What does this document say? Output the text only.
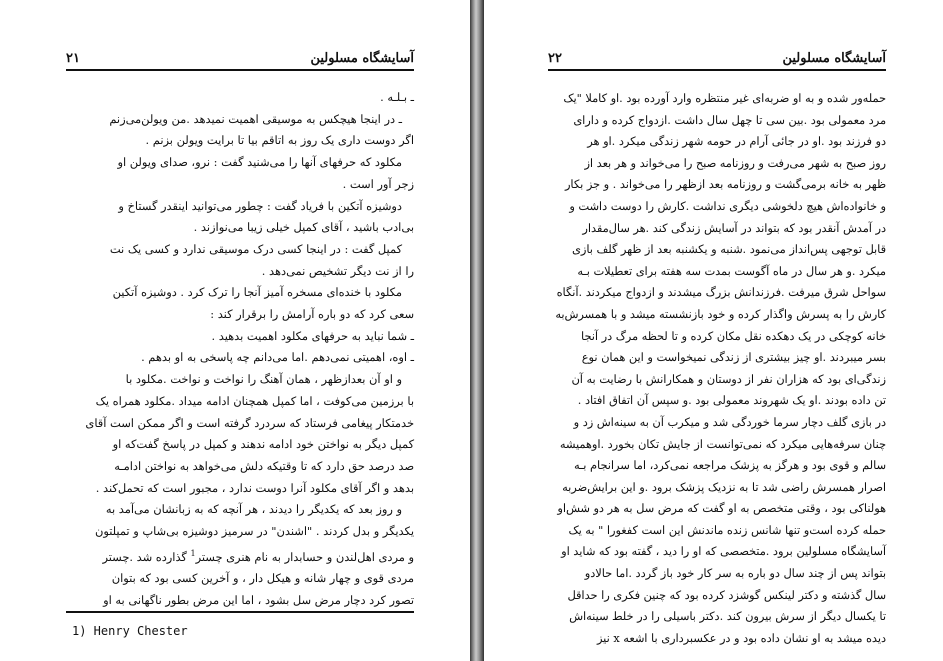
آسایشگاه مسلولین
۲۱

ـ بـلـه .

ـ در اینجا هیچکس به موسیقی اهمیت نمیدهد .من ویولن‌می‌زنم

اگر دوست داری یک روز به اتاقم بیا تا برایت ویولن بزنم .

مکلود که حرفهای آنها را می‌شنید گفت : نرو، صدای ویولن او

زجر آور است .

دوشیزه آتکین با فریاد گفت : چطور می‌توانید اینقدر گستاخ و

بی‌ادب باشید ، آقای کمپل خیلی زیبا می‌نوازند .

کمپل گفت : در اینجا کسی درک موسیقی ندارد و کسی یک نت

را از نت دیگر تشخیص نمی‌دهد .

مکلود با خنده‌ای مسخره آمیز آنجا را ترک کرد . دوشیزه آتکین

سعی کرد که دو باره آرامش را برقرار کند :

ـ شما نباید به حرفهای مکلود اهمیت بدهید .

ـ اوه، اهمیتی نمی‌دهم .اما می‌دانم چه پاسخی به او بدهم .

و او آن بعدازظهر ، همان آهنگ را نواخت و نواخت .مکلود با

با برزمین می‌کوفت ، اما کمپل همچنان ادامه میداد .مکلود همراه یک

خدمتکار پیغامی فرستاد که سردرد گرفته است و اگر ممکن است آقای

کمپل دیگر به نواختن خود ادامه ندهند و کمپل در پاسخ گفت‌که او

صد درصد حق دارد که تا وقتیکه دلش می‌خواهد به نواختن ادامـه

بدهد و اگر آقای مکلود آنرا دوست ندارد ، مجبور است که تحمل‌کند .

و روز بعد که یکدیگر را دیدند ، هر آنچه که به زبانشان می‌آمد به

یکدیگر و بدل کردند . "اشندن" در سرمیز دوشیزه بی‌شاپ و تمپلتون

و مردی اهل‌لندن و حسابدار به نام هنری چستر$^1$ گذارده شد .چستر

مردی قوی و چهار شانه و هیکل دار ، و آخرین کسی بود که بتوان

تصور کرد دچار مرض سل بشود ، اما این مرض بطور ناگهانی به او

1) Henry Chester
آسایشگاه مسلولین
۲۲

حمله‌ور شده و به او ضربه‌ای غیر منتظره وارد آورده بود .او کاملا "یک

مرد معمولی بود .بین سی تا چهل سال داشت .ازدواج کرده و دارای

دو فرزند بود .او در جائی آرام در حومه شهر زندگی میکرد .او هر

روز صبح به شهر می‌رفت و روزنامه صبح را می‌خواند و هر بعد از

ظهر به خانه برمی‌گشت و روزنامه بعد ازظهر را می‌خواند . و جز بکار

و خانواده‌اش هیچ دلخوشی دیگری نداشت .کارش را دوست داشت و

در آمدش آنقدر بود که بتواند در آسایش زندگی کند .هر سال‌مقدار

قابل توجهی پس‌انداز می‌نمود .شنبه و یکشنبه بعد از ظهر گلف بازی

میکرد .و هر سال در ماه آگوست بمدت سه هفته برای تعطیلات بـه

سواحل شرق میرفت .فرزندانش بزرگ میشدند و ازدواج میکردند .آنگاه

کارش را به پسرش واگذار کرده و خود بازنشسته میشد و با همسرش‌به

خانه کوچکی در یک دهکده نقل مکان کرده و تا لحظه مرگ در آنجا

بسر میبردند .او چیز بیشتری از زندگی نمیخواست و این همان نوع

زندگی‌ای بود که هزاران نفر از دوستان و همکارانش با رضایت به آن

تن داده بودند .او یک شهروند معمولی بود .و سپس آن اتفاق افتاد .

در بازی گلف دچار سرما خوردگی شد و میکرب آن به سینه‌اش زد و

چنان سرفه‌هایی میکرد که نمی‌توانست از جایش تکان بخورد .اوهمیشه

سالم و قوی بود و هرگز به پزشک مراجعه نمی‌کرد، اما سرانجام بـه

اصرار همسرش راضی شد تا به نزدیک پزشک برود .و این برایش‌ضربه

هولناکی بود ، وقتی متخصص به او گفت که مرض سل به هر دو شش‌او

حمله کرده است‌و تنها شانس زنده ماندنش این است کفغورا " به یک

آسایشگاه مسلولین برود .متخصصی که او را دید ، گفته بود که شاید او

بتواند پس از چند سال دو باره به سر کار خود باز گردد .اما حالادو

سال گذشته و دکتر لینکس گوشزد کرده بود که چنین فکری را حداقل

تا یکسال دیگر از سرش بیرون کند .دکتر باسیلی را در خلط سینه‌اش

دیده میشد به او نشان داده بود و در عکسبرداری با اشعه x نیز
